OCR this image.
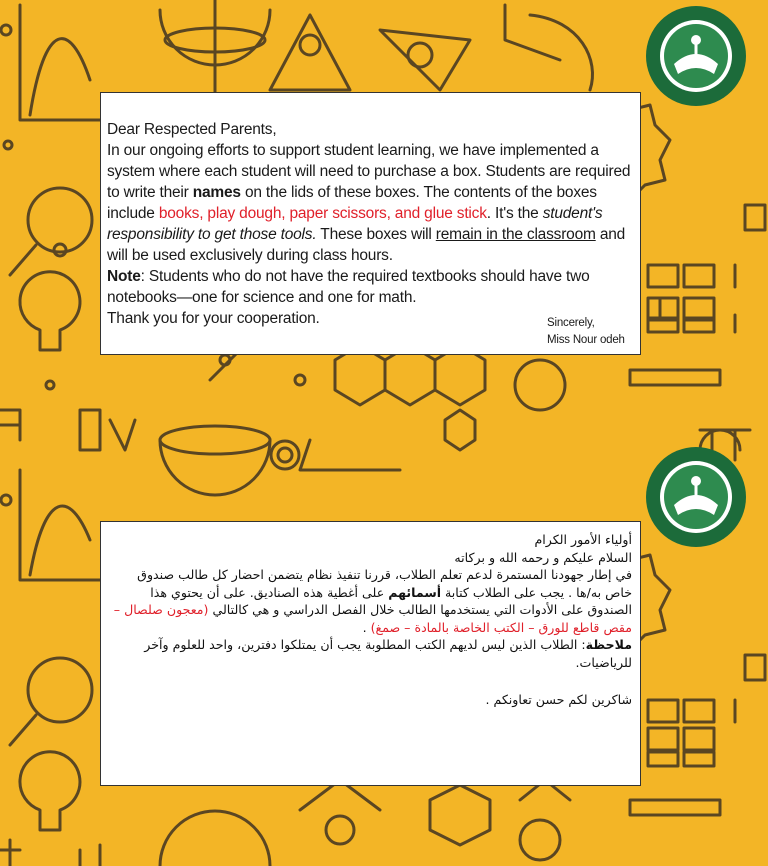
Dear Respected Parents,

In our ongoing efforts to support student learning, we have implemented a system where each student will need to purchase a box. Students are required to write their names on the lids of these boxes. The contents of the boxes include books, play dough, paper scissors, and glue stick. It's the student's responsibility to get those tools. These boxes will remain in the classroom and will be used exclusively during class hours.

Note: Students who do not have the required textbooks should have two notebooks—one for science and one for math.

Thank you for your cooperation.	Sincerely,
Miss Nour odeh

أولياء الأمور الكرام

السلام عليكم و رحمه الله و بركاته

في إطار جهودنا المستمرة لدعم تعلم الطلاب، قررنا تنفيذ نظام يتضمن احضار كل طالب صندوق خاص به/ها . يجب على الطلاب كتابة أسمائهم على أغطية هذه الصناديق. على أن يحتوي هذا الصندوق على الأدوات التي يستخدمها الطالب خلال الفصل الدراسي و هي كالتالي (معجون صلصال – مقص قاطع للورق – الكتب الخاصة بالمادة – صمغ) .

ملاحظة: الطلاب الذين ليس لديهم الكتب المطلوبة يجب أن يمتلكوا دفترين، واحد للعلوم وآخر للرياضيات.

شاكرين لكم حسن تعاونكم .
